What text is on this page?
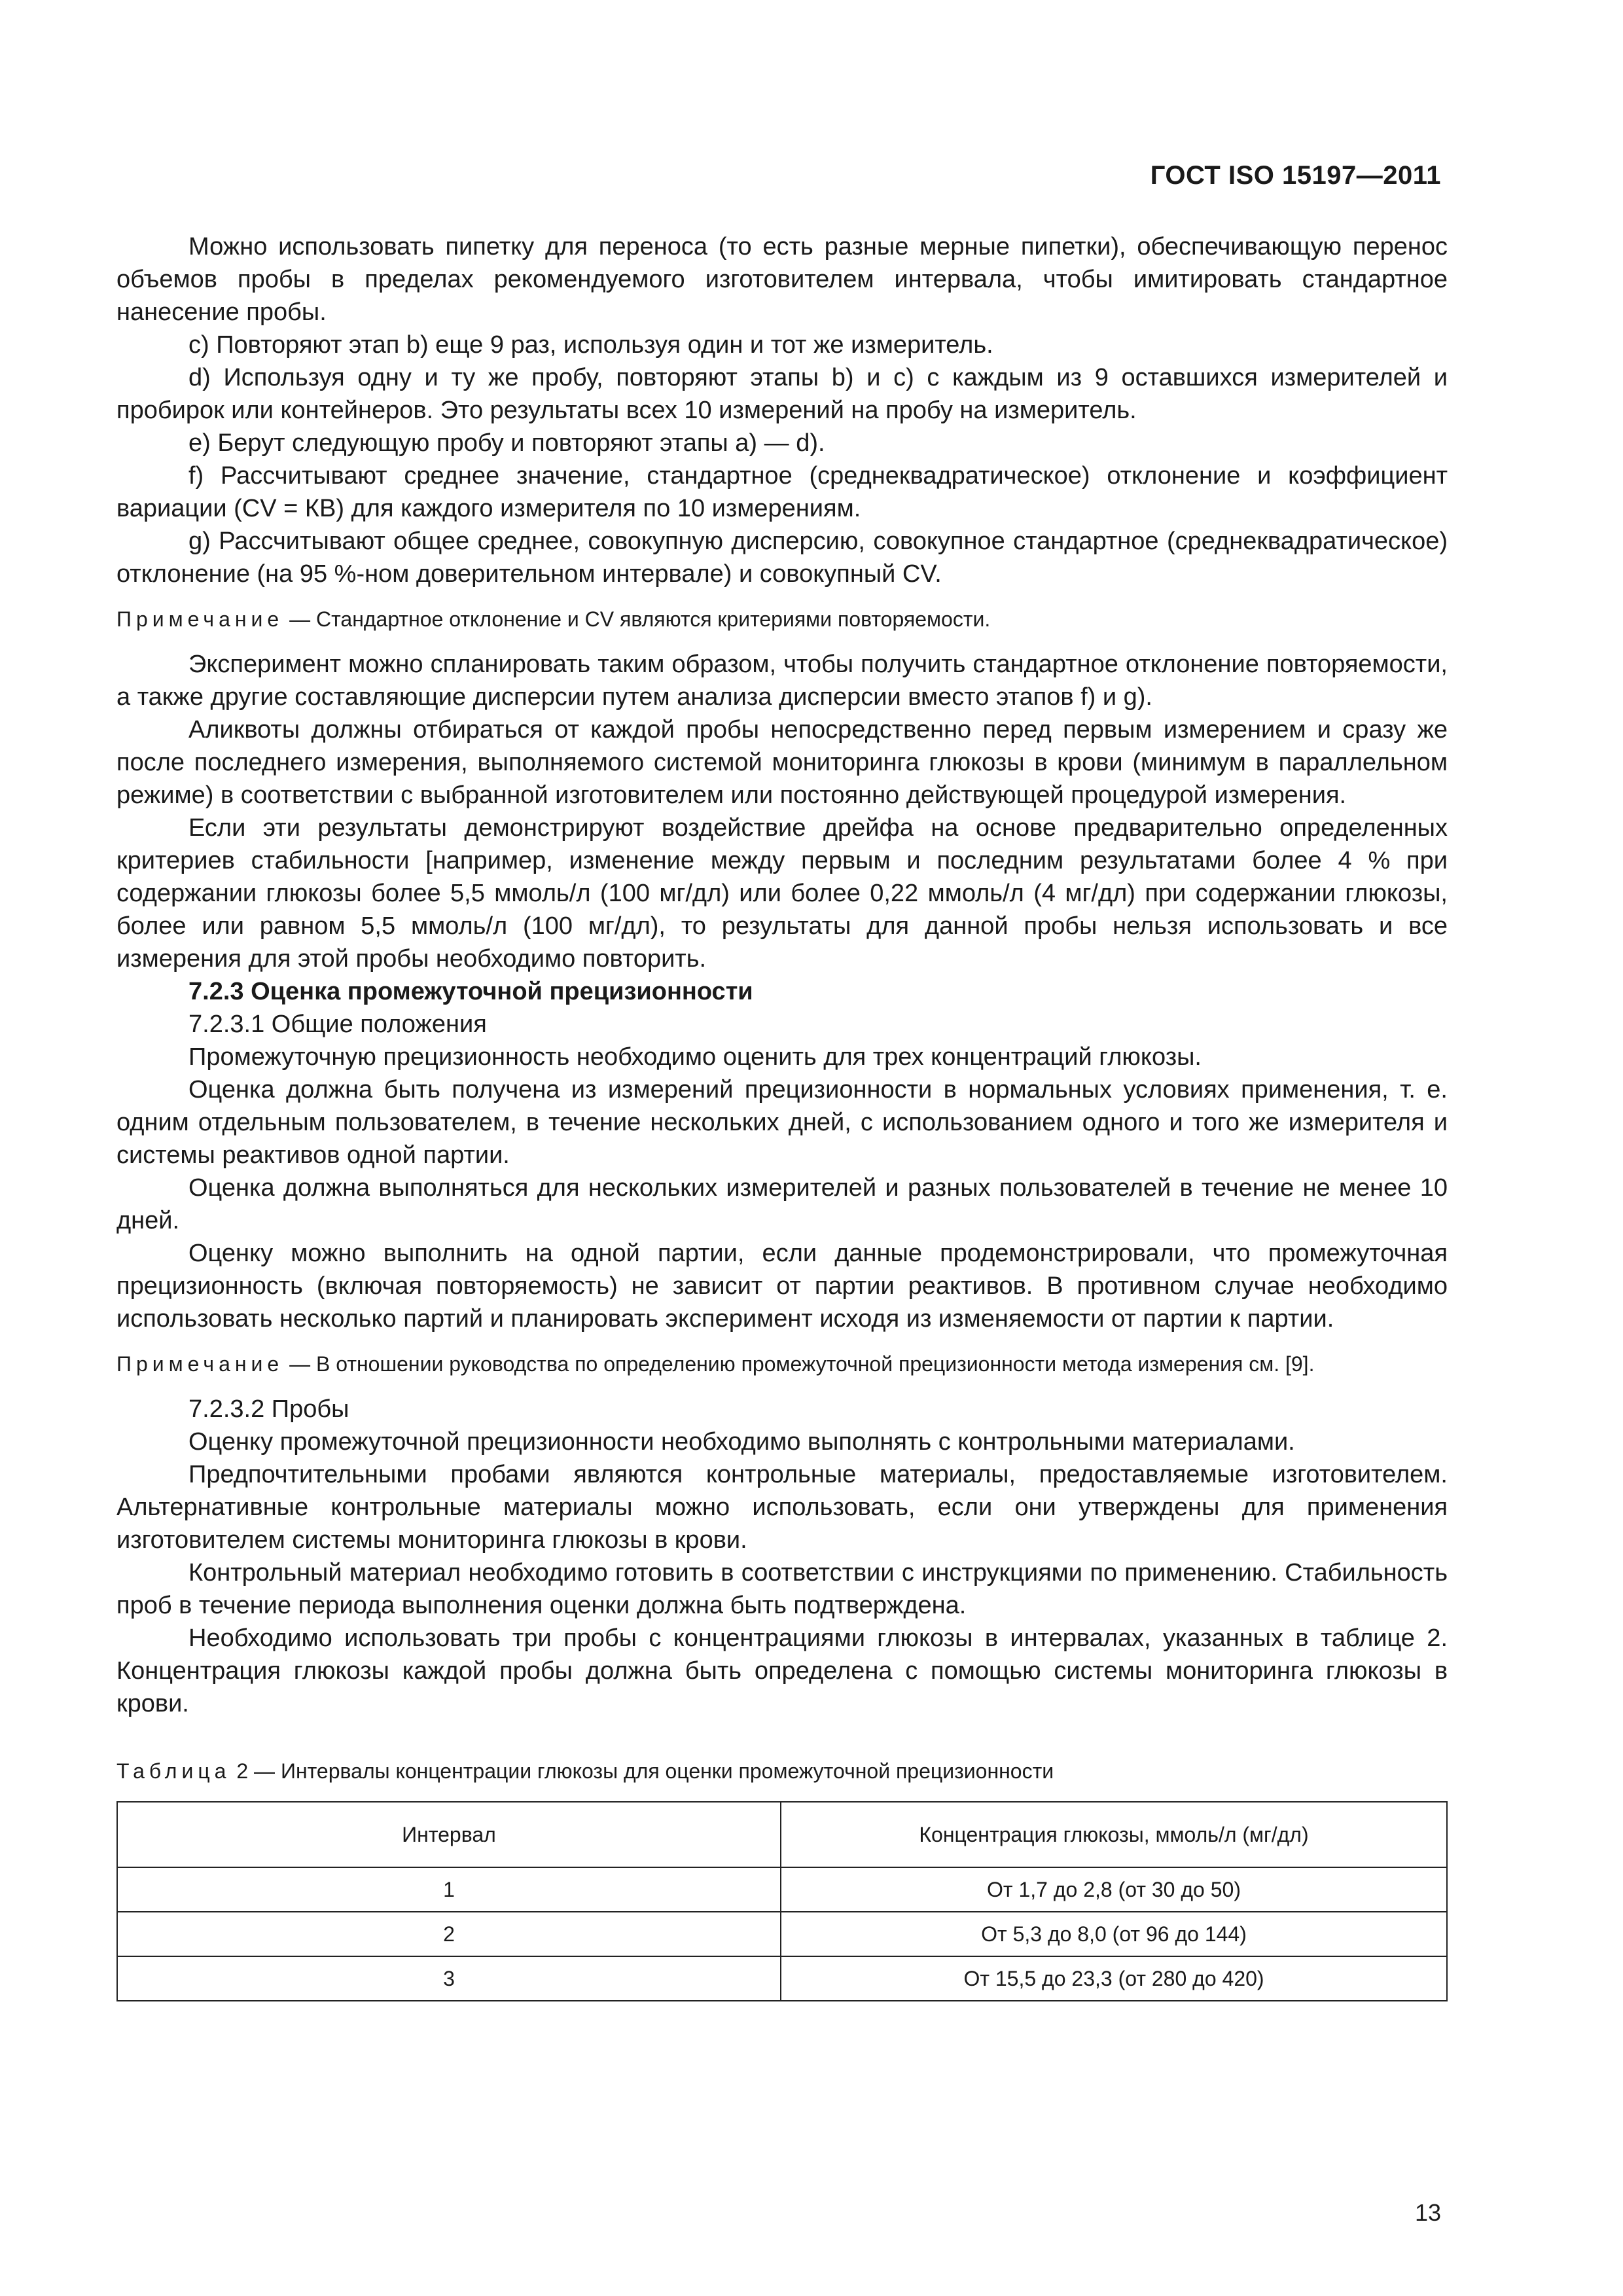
ГОСТ ISO 15197—2011

Можно использовать пипетку для переноса (то есть разные мерные пипетки), обеспечивающую перенос объемов пробы в пределах рекомендуемого изготовителем интервала, чтобы имитировать стандартное нанесение пробы.

с) Повторяют этап b) еще 9 раз, используя один и тот же измеритель.

d) Используя одну и ту же пробу, повторяют этапы b) и с) с каждым из 9 оставшихся измерителей и пробирок или контейнеров. Это результаты всех 10 измерений на пробу на измеритель.

е) Берут следующую пробу и повторяют этапы a) — d).

f) Рассчитывают среднее значение, стандартное (среднеквадратическое) отклонение и коэффициент вариации (CV = КВ) для каждого измерителя по 10 измерениям.

g) Рассчитывают общее среднее, совокупную дисперсию, совокупное стандартное (среднеквадратическое) отклонение (на 95 %-ном доверительном интервале) и совокупный CV.

Примечание — Стандартное отклонение и CV являются критериями повторяемости.

Эксперимент можно спланировать таким образом, чтобы получить стандартное отклонение повторяемости, а также другие составляющие дисперсии путем анализа дисперсии вместо этапов f) и g).

Аликвоты должны отбираться от каждой пробы непосредственно перед первым измерением и сразу же после последнего измерения, выполняемого системой мониторинга глюкозы в крови (минимум в параллельном режиме) в соответствии с выбранной изготовителем или постоянно действующей процедурой измерения.

Если эти результаты демонстрируют воздействие дрейфа на основе предварительно определенных критериев стабильности [например, изменение между первым и последним результатами более 4 % при содержании глюкозы более 5,5 ммоль/л (100 мг/дл) или более 0,22 ммоль/л (4 мг/дл) при содержании глюкозы, более или равном 5,5 ммоль/л (100 мг/дл), то результаты для данной пробы нельзя использовать и все измерения для этой пробы необходимо повторить.

7.2.3 Оценка промежуточной прецизионности

7.2.3.1 Общие положения

Промежуточную прецизионность необходимо оценить для трех концентраций глюкозы.

Оценка должна быть получена из измерений прецизионности в нормальных условиях применения, т. е. одним отдельным пользователем, в течение нескольких дней, с использованием одного и того же измерителя и системы реактивов одной партии.

Оценка должна выполняться для нескольких измерителей и разных пользователей в течение не менее 10 дней.

Оценку можно выполнить на одной партии, если данные продемонстрировали, что промежуточная прецизионность (включая повторяемость) не зависит от партии реактивов. В противном случае необходимо использовать несколько партий и планировать эксперимент исходя из изменяемости от партии к партии.

Примечание — В отношении руководства по определению промежуточной прецизионности метода измерения см. [9].

7.2.3.2 Пробы

Оценку промежуточной прецизионности необходимо выполнять с контрольными материалами.

Предпочтительными пробами являются контрольные материалы, предоставляемые изготовителем. Альтернативные контрольные материалы можно использовать, если они утверждены для применения изготовителем системы мониторинга глюкозы в крови.

Контрольный материал необходимо готовить в соответствии с инструкциями по применению. Стабильность проб в течение периода выполнения оценки должна быть подтверждена.

Необходимо использовать три пробы с концентрациями глюкозы в интервалах, указанных в таблице 2. Концентрация глюкозы каждой пробы должна быть определена с помощью системы мониторинга глюкозы в крови.

Таблица 2 — Интервалы концентрации глюкозы для оценки промежуточной прецизионности

Интервал	Концентрация глюкозы, ммоль/л (мг/дл)
1	От 1,7 до 2,8 (от 30 до 50)
2	От 5,3 до 8,0 (от 96 до 144)
3	От 15,5 до 23,3 (от 280 до 420)
13
